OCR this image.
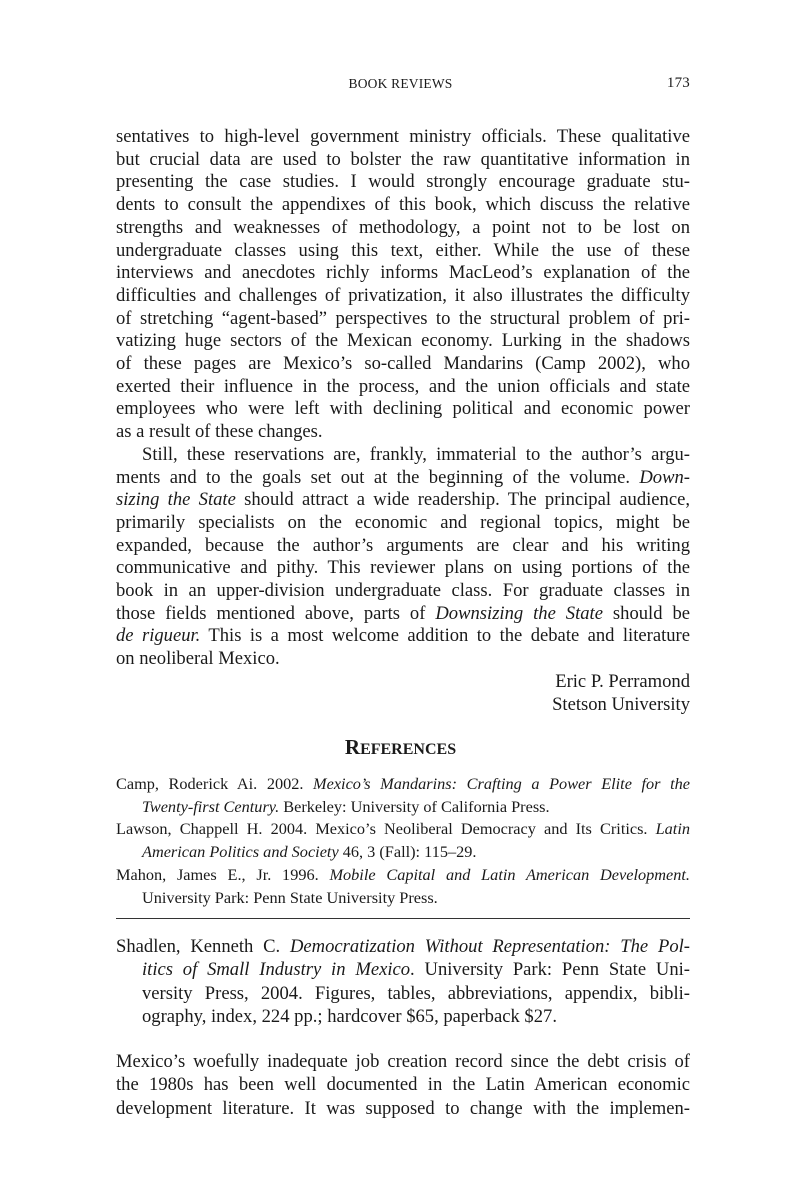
BOOK REVIEWS	173
sentatives to high-level government ministry officials. These qualitative
but crucial data are used to bolster the raw quantitative information in
presenting the case studies. I would strongly encourage graduate stu-
dents to consult the appendixes of this book, which discuss the relative
strengths and weaknesses of methodology, a point not to be lost on
undergraduate classes using this text, either. While the use of these
interviews and anecdotes richly informs MacLeod’s explanation of the
difficulties and challenges of privatization, it also illustrates the difficulty
of stretching “agent-based” perspectives to the structural problem of pri-
vatizing huge sectors of the Mexican economy. Lurking in the shadows
of these pages are Mexico’s so-called Mandarins (Camp 2002), who
exerted their influence in the process, and the union officials and state
employees who were left with declining political and economic power
as a result of these changes.
Still, these reservations are, frankly, immaterial to the author’s argu-
ments and to the goals set out at the beginning of the volume. Down-
sizing the State should attract a wide readership. The principal audience,
primarily specialists on the economic and regional topics, might be
expanded, because the author’s arguments are clear and his writing
communicative and pithy. This reviewer plans on using portions of the
book in an upper-division undergraduate class. For graduate classes in
those fields mentioned above, parts of Downsizing the State should be
de rigueur. This is a most welcome addition to the debate and literature
on neoliberal Mexico.
Eric P. Perramond
Stetson University
REFERENCES
Camp, Roderick Ai. 2002. Mexico’s Mandarins: Crafting a Power Elite for the
Twenty-first Century. Berkeley: University of California Press.
Lawson, Chappell H. 2004. Mexico’s Neoliberal Democracy and Its Critics. Latin
American Politics and Society 46, 3 (Fall): 115–29.
Mahon, James E., Jr. 1996. Mobile Capital and Latin American Development.
University Park: Penn State University Press.
Shadlen, Kenneth C. Democratization Without Representation: The Pol-
itics of Small Industry in Mexico. University Park: Penn State Uni-
versity Press, 2004. Figures, tables, abbreviations, appendix, bibli-
ography, index, 224 pp.; hardcover $65, paperback $27.
Mexico’s woefully inadequate job creation record since the debt crisis of
the 1980s has been well documented in the Latin American economic
development literature. It was supposed to change with the implemen-
